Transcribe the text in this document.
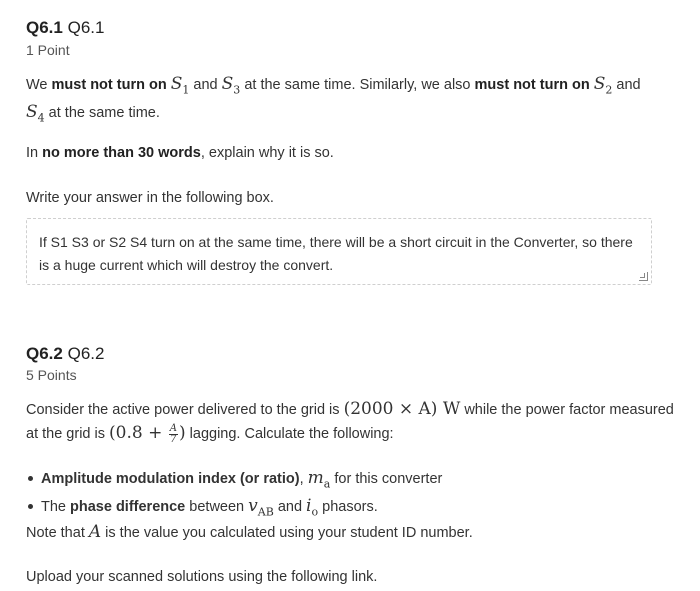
Q6.1 Q6.1
1 Point
We must not turn on $S_1$ and $S_3$ at the same time. Similarly, we also must not turn on $S_2$ and
$S_4$ at the same time.
In no more than 30 words, explain why it is so.
Write your answer in the following box.
If S1 S3 or S2 S4 turn on at the same time, there will be a short circuit in the Converter, so there is a huge current which will destroy the convert.
Q6.2 Q6.2
5 Points
Consider the active power delivered to the grid is (2000 × A) W while the power factor measured at the grid is ($0.8 + \frac{A}{7}$ ) lagging. Calculate the following:
Amplitude modulation index (or ratio), $m_a$ for this converter
The phase difference between $v_{AB}$ and $i_o$ phasors.
Note that A is the value you calculated using your student ID number.
Upload your scanned solutions using the following link.
